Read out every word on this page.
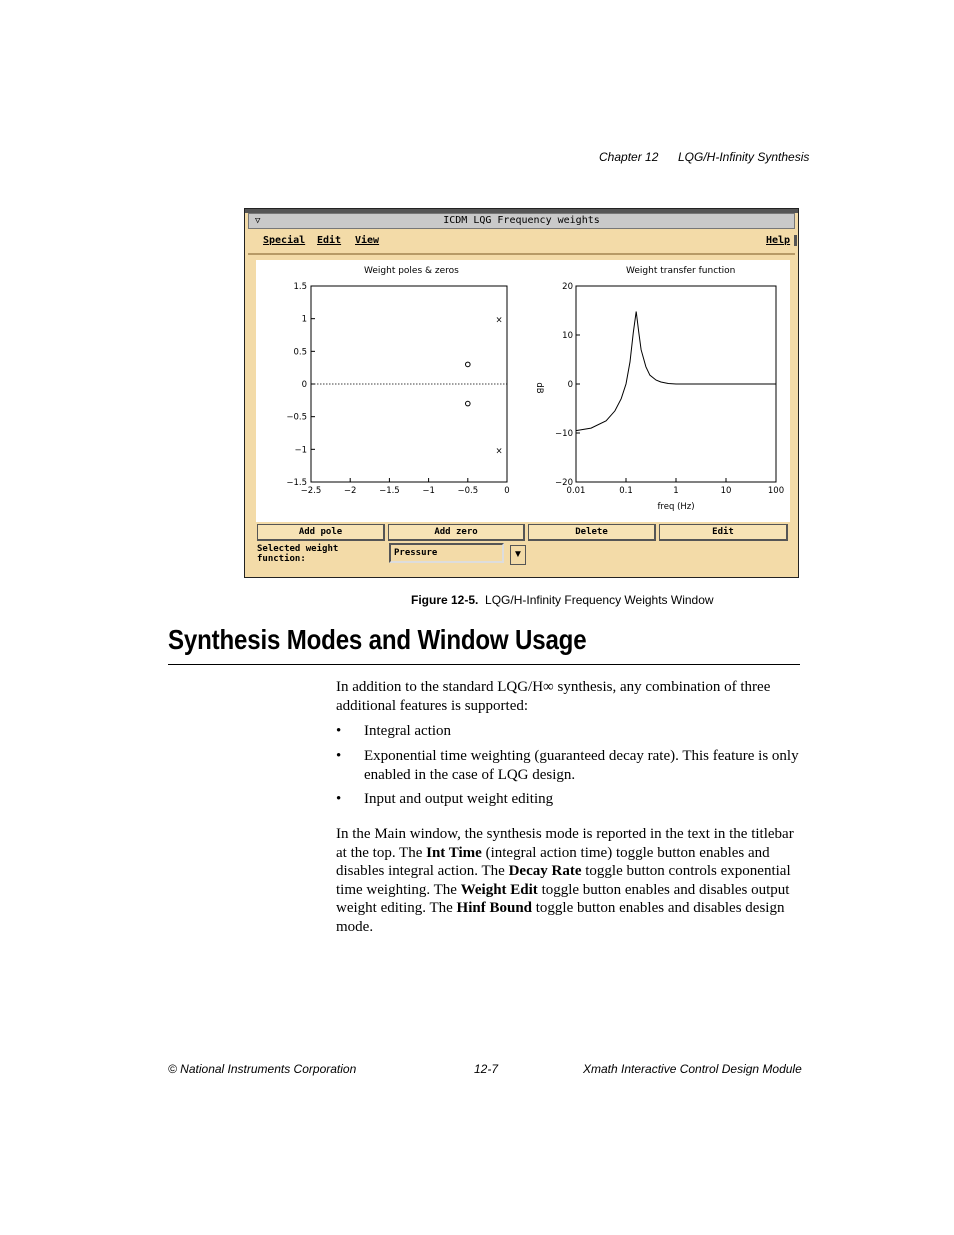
Chapter 12 LQG/H-Infinity Synthesis
▽	ICDM LQG Frequency weights
Special Edit View	Help
Weight poles & zeros	Weight transfer function
−2.5	−2	−1.5	−1	−0.5	0
1.5
1
0.5
0
−0.5
−1
−1.5
×
×
0.01	0.1	1	10	100
20
10
0
−10
−20
freq (Hz)
dB
Add pole	Add zero	Delete	Edit
Selected weight
function:
Pressure	▼
Figure 12-5. LQG/H-Infinity Frequency Weights Window
Synthesis Modes and Window Usage
In addition to the standard LQG/H∞ synthesis, any combination of three additional features is supported:
• Integral action
• Exponential time weighting (guaranteed decay rate). This feature is only enabled in the case of LQG design.
• Input and output weight editing
In the Main window, the synthesis mode is reported in the text in the titlebar at the top. The Int Time (integral action time) toggle button enables and disables integral action. The Decay Rate toggle button controls exponential time weighting. The Weight Edit toggle button enables and disables output weight editing. The Hinf Bound toggle button enables and disables design mode.
© National Instruments Corporation	12-7	Xmath Interactive Control Design Module
